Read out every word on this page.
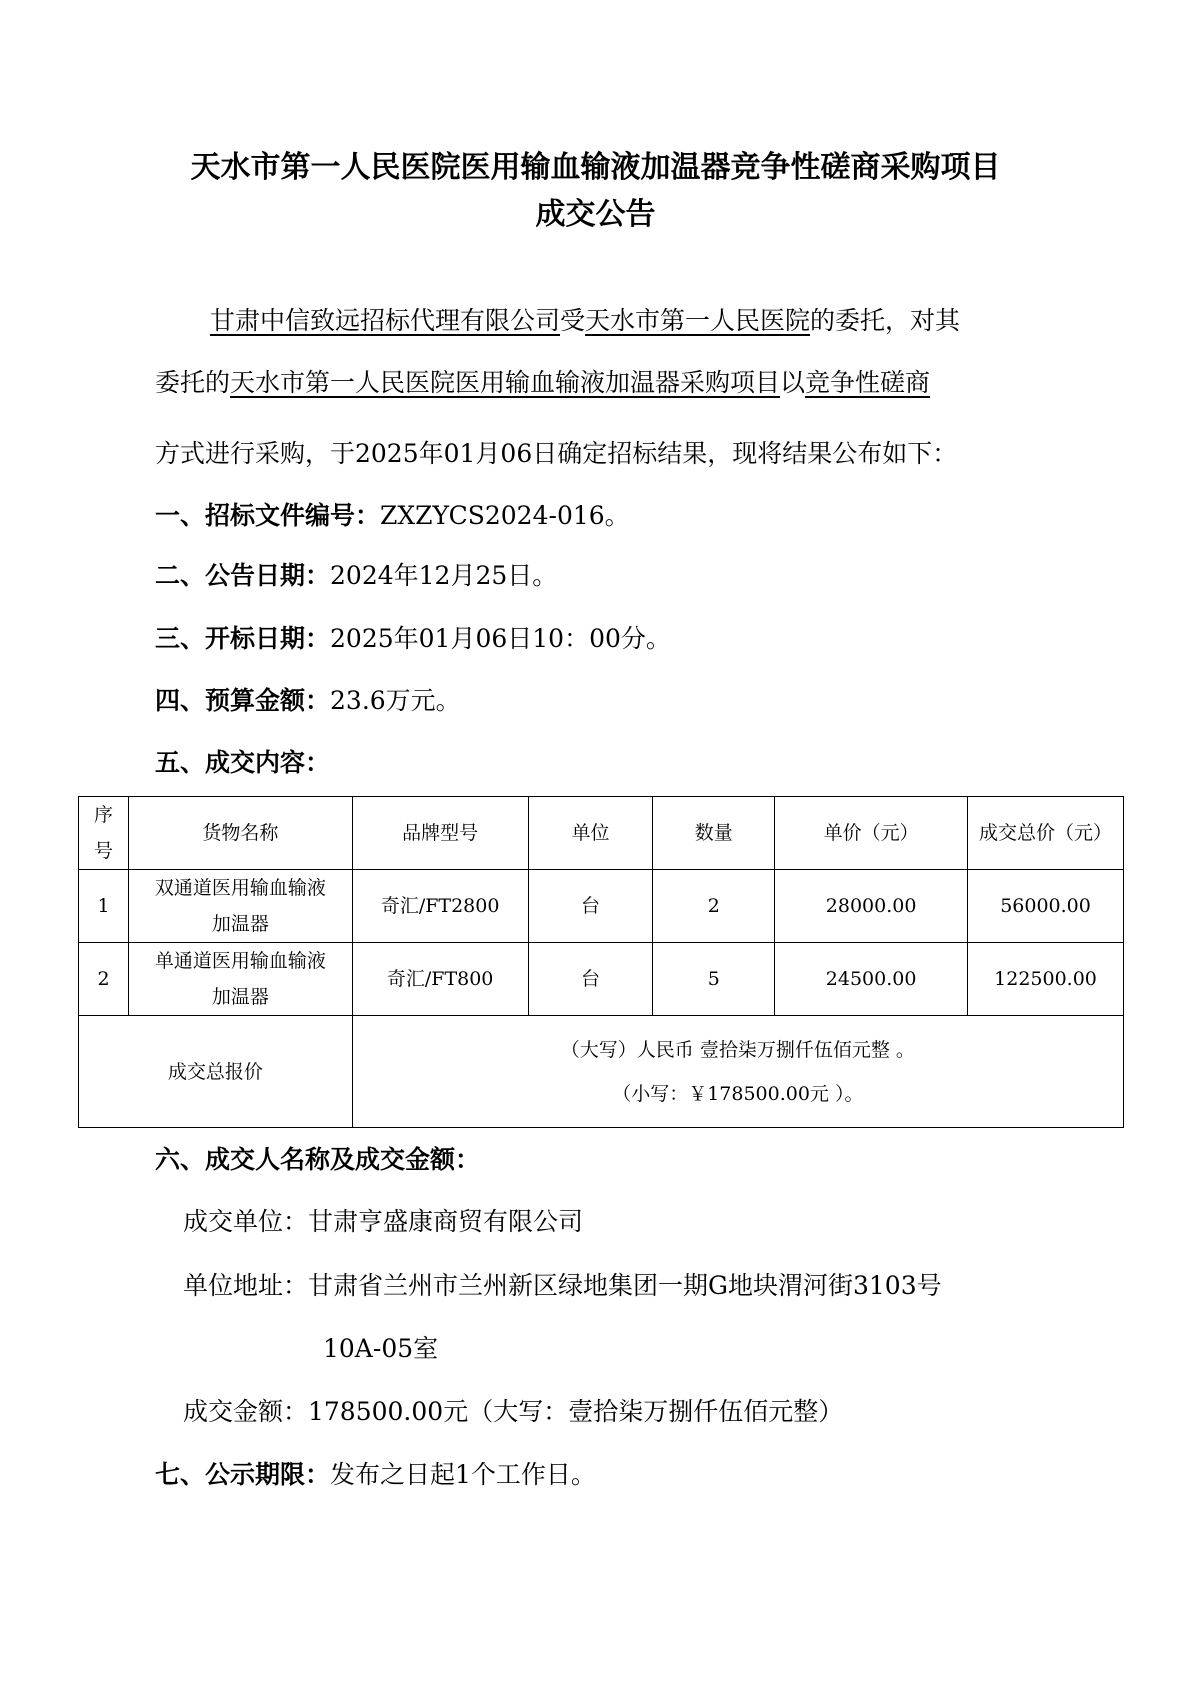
天水市第一人民医院医用输血输液加温器竞争性磋商采购项目
成交公告
甘肃中信致远招标代理有限公司受天水市第一人民医院的委托，对其
委托的天水市第一人民医院医用输血输液加温器采购项目以竞争性磋商
方式进行采购，于2025年01月06日确定招标结果，现将结果公布如下：
一、招标文件编号：ZXZYCS2024-016。
二、公告日期：2024年12月25日。
三、开标日期：2025年01月06日10：00分。
四、预算金额：23.6万元。
五、成交内容：
序号	货物名称	品牌型号	单位	数量	单价（元）	成交总价（元）
1	双通道医用输血输液加温器	奇汇/FT2800	台	2	28000.00	56000.00
2	单通道医用输血输液加温器	奇汇/FT800	台	5	24500.00	122500.00
成交总报价		（大写）人民币 壹拾柒万捌仟伍佰元整 。

（小写：￥178500.00元 ）。				

六、成交人名称及成交金额：
成交单位：甘肃亨盛康商贸有限公司
单位地址：甘肃省兰州市兰州新区绿地集团一期G地块渭河街3103号
10A-05室
成交金额：178500.00元（大写：壹拾柒万捌仟伍佰元整）
七、公示期限：发布之日起1个工作日。
